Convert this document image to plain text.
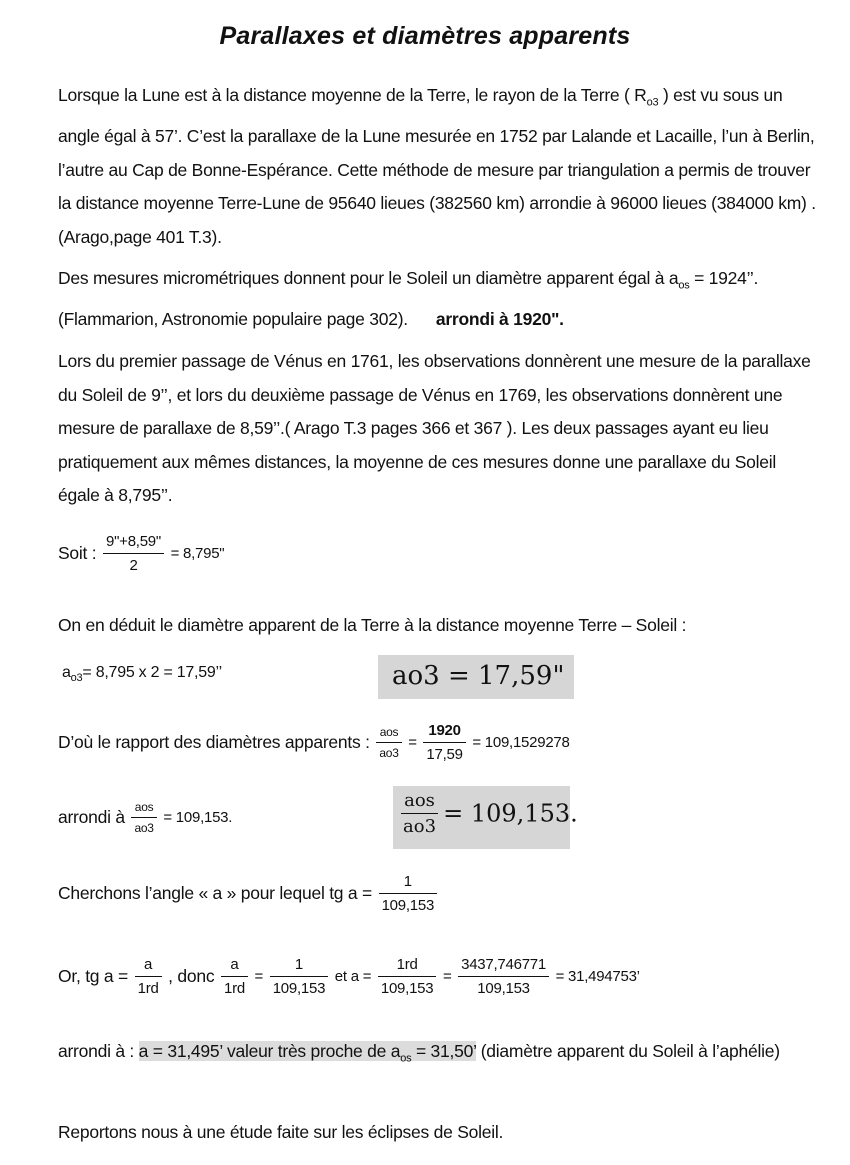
Parallaxes et diamètres apparents
Lorsque la Lune est à la distance moyenne de la Terre, le rayon de la Terre ( $R_{o3}$ ) est vu sous un angle égal à 57’. C’est la parallaxe de la Lune mesurée en 1752 par Lalande et Lacaille, l’un à Berlin, l’autre au Cap de Bonne-Espérance. Cette méthode de mesure par triangulation a permis de trouver la distance moyenne Terre-Lune de 95640 lieues (382560 km) arrondie à 96000 lieues (384000 km) . (Arago,page 401 T.3).
Des mesures micrométriques donnent pour le Soleil un diamètre apparent égal à $a_{os} = 1924$’’. (Flammarion, Astronomie populaire page 302). arrondi à 1920".
Lors du premier passage de Vénus en 1761, les observations donnèrent une mesure de la parallaxe du Soleil de 9’’, et lors du deuxième passage de Vénus en 1769, les observations donnèrent une mesure de parallaxe de 8,59’’.( Arago T.3 pages 366 et 367 ). Les deux passages ayant eu lieu pratiquement aux mêmes distances, la moyenne de ces mesures donne une parallaxe du Soleil égale à 8,795’’.
Soit : $\frac{9"+8,59"}{2} = 8,795$"
On en déduit le diamètre apparent de la Terre à la distance moyenne Terre – Soleil :
$a_{o3}= 8,795$ x 2 = 17,59’’	ao3 = 17,59"
D’où le rapport des diamètres apparents : $\frac{\text{aos}}{ao3} = \frac{1920}{17,59} = 109,1529278$
arrondi à $\frac{\text{aos}}{ao3} = 109,153$.
aos
ao3 = 109,153.
Cherchons l’angle « a » pour lequel tg $a = \frac{1}{109,153}$
Or, tg $a = \frac{a}{1rd}$ , donc $\frac{a}{1rd} = \frac{1}{109,153}$ et $a = \frac{1rd}{109,153} = \frac{3437,746771}{109,153} = 31,494753$’
arrondi à : a = 31,495’ valeur très proche de $a_{os} = 31,50$’ (diamètre apparent du Soleil à l’aphélie)
Reportons nous à une étude faite sur les éclipses de Soleil.
